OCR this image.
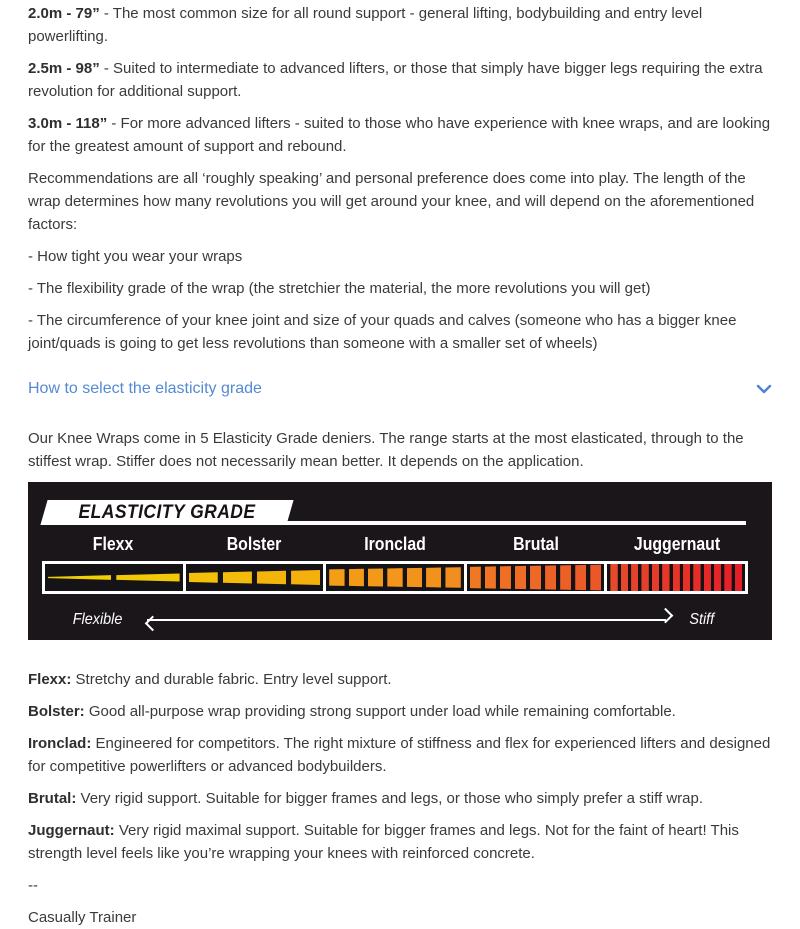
2.0m - 79” - The most common size for all round support - general lifting, bodybuilding and entry level powerlifting.

2.5m - 98” - Suited to intermediate to advanced lifters, or those that simply have bigger legs requiring the extra revolution for additional support.

3.0m - 118” - For more advanced lifters - suited to those who have experience with knee wraps, and are looking for the greatest amount of support and rebound.

Recommendations are all ‘roughly speaking’ and personal preference does come into play. The length of the wrap determines how many revolutions you will get around your knee, and will depend on the aforementioned factors:

- How tight you wear your wraps

- The flexibility grade of the wrap (the stretchier the material, the more revolutions you will get)

- The circumference of your knee joint and size of your quads and calves (someone who has a bigger knee joint/quads is going to get less revolutions than someone with a smaller set of wheels)

How to select the elasticity grade

Our Knee Wraps come in 5 Elasticity Grade deniers. The range starts at the most elasticated, through to the stiffest wrap. Stiffer does not necessarily mean better. It depends on the application.

ELASTICITY GRADE
Flexx	Bolster	Ironclad	Brutal	Juggernaut
Flexible	Stiff

Flexx: Stretchy and durable fabric. Entry level support.

Bolster: Good all-purpose wrap providing strong support under load while remaining comfortable.

Ironclad: Engineered for competitors. The right mixture of stiffness and flex for experienced lifters and designed for competitive powerlifters or advanced bodybuilders.

Brutal: Very rigid support. Suitable for bigger frames and legs, or those who simply prefer a stiff wrap.

Juggernaut: Very rigid maximal support. Suitable for bigger frames and legs. Not for the faint of heart! This strength level feels like you’re wrapping your knees with reinforced concrete.

--

Casually Trainer
